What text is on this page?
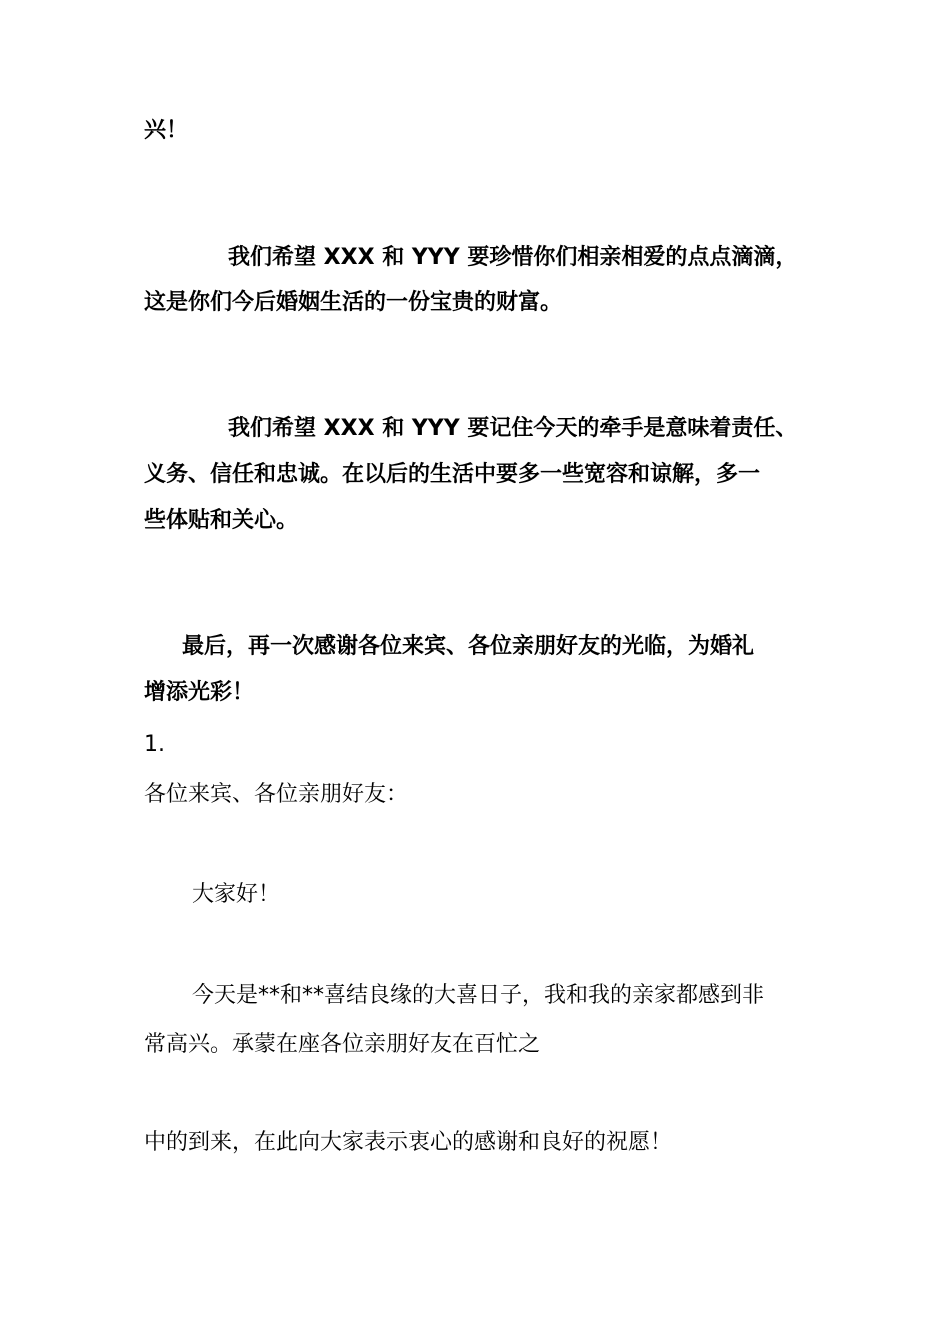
兴！
我们希望 XXX 和 YYY 要珍惜你们相亲相爱的点点滴滴，
这是你们今后婚姻生活的一份宝贵的财富。
我们希望 XXX 和 YYY 要记住今天的牵手是意味着责任、
义务、信任和忠诚。在以后的生活中要多一些宽容和谅解，多一
些体贴和关心。
最后，再一次感谢各位来宾、各位亲朋好友的光临，为婚礼
增添光彩！
1.
各位来宾、各位亲朋好友：
大家好！
今天是**和**喜结良缘的大喜日子，我和我的亲家都感到非
常高兴。承蒙在座各位亲朋好友在百忙之
中的到来，在此向大家表示衷心的感谢和良好的祝愿！
